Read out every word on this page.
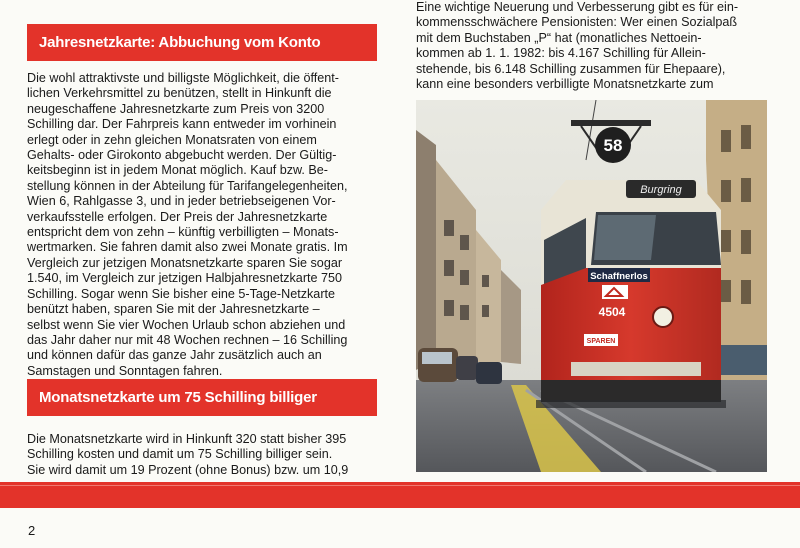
Jahresnetzkarte: Abbuchung vom Konto
Die wohl attraktivste und billigste Möglichkeit, die öffent-
lichen Verkehrsmittel zu benützen, stellt in Hinkunft die
neugeschaffene Jahresnetzkarte zum Preis von 3200
Schilling dar. Der Fahrpreis kann entweder im vorhinein
erlegt oder in zehn gleichen Monatsraten von einem
Gehalts- oder Girokonto abgebucht werden. Der Gültig-
keitsbeginn ist in jedem Monat möglich. Kauf bzw. Be-
stellung können in der Abteilung für Tarifangelegenheiten,
Wien 6, Rahlgasse 3, und in jeder betriebseigenen Vor-
verkaufsstelle erfolgen. Der Preis der Jahresnetzkarte
entspricht dem von zehn – künftig verbilligten – Monats-
wertmarken. Sie fahren damit also zwei Monate gratis. Im
Vergleich zur jetzigen Monatsnetzkarte sparen Sie sogar
1.540, im Vergleich zur jetzigen Halbjahresnetzkarte 750
Schilling. Sogar wenn Sie bisher eine 5-Tage-Netzkarte
benützt haben, sparen Sie mit der Jahresnetzkarte –
selbst wenn Sie vier Wochen Urlaub schon abziehen und
das Jahr daher nur mit 48 Wochen rechnen – 16 Schilling
und können dafür das ganze Jahr zusätzlich auch an
Samstagen und Sonntagen fahren.
Monatsnetzkarte um 75 Schilling billiger
Die Monatsnetzkarte wird in Hinkunft 320 statt bisher 395
Schilling kosten und damit um 75 Schilling billiger sein.
Sie wird damit um 19 Prozent (ohne Bonus) bzw. um 10,9
Eine wichtige Neuerung und Verbesserung gibt es für ein-
kommensschwächere Pensionisten: Wer einen Sozialpaß
mit dem Buchstaben „P“ hat (monatliches Nettoein-
kommen ab 1. 1. 1982: bis 4.167 Schilling für Allein-
stehende, bis 6.148 Schilling zusammen für Ehepaare),
kann eine besonders verbilligte Monatsnetzkarte zum
Burgring
58
Schaffnerlos
4504
SPAREN
2
